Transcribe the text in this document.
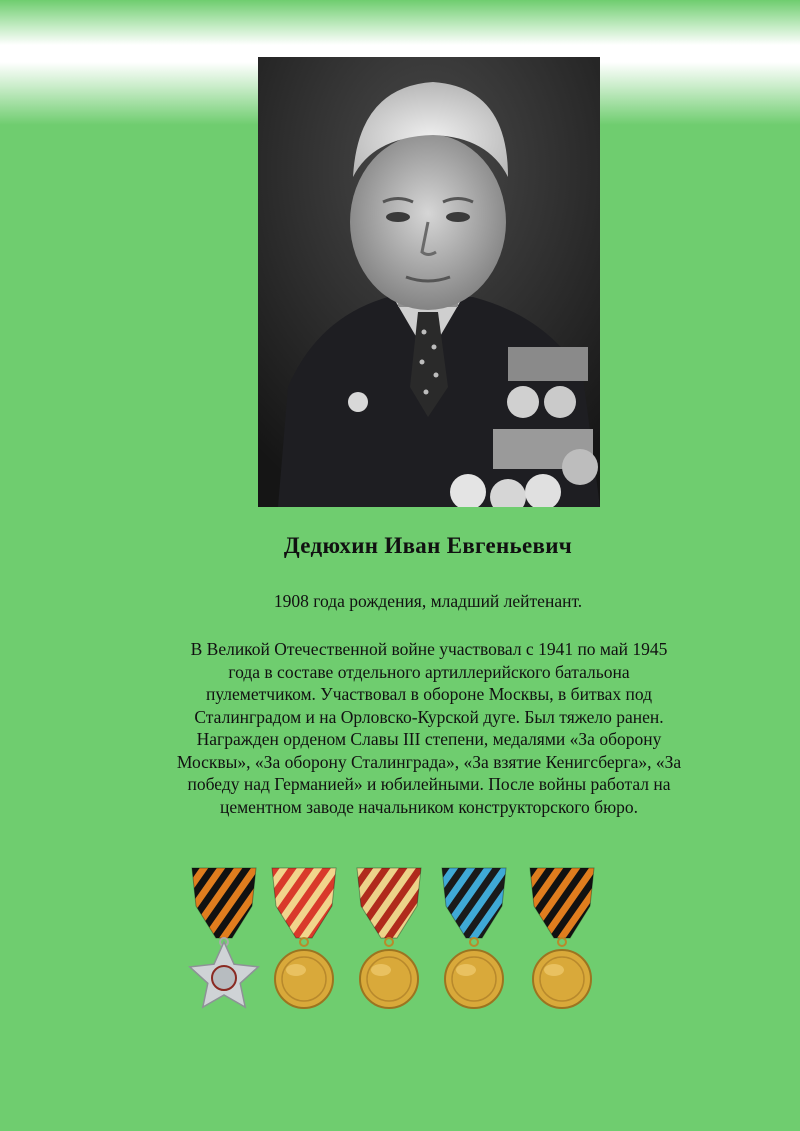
Дедюхин Иван Евгеньевич
1908 года рождения, младший лейтенант.
В Великой Отечественной войне участвовал с 1941 по май 1945
года в составе отдельного артиллерийского батальона
пулеметчиком. Участвовал в обороне Москвы, в битвах под
Сталинградом и на Орловско-Курской дуге. Был тяжело ранен.
Награжден орденом Славы III степени, медалями «За оборону
Москвы», «За оборону Сталинграда», «За взятие Кенигсберга», «За
победу над Германией» и юбилейными. После войны работал на
цементном заводе начальником конструкторского бюро.
